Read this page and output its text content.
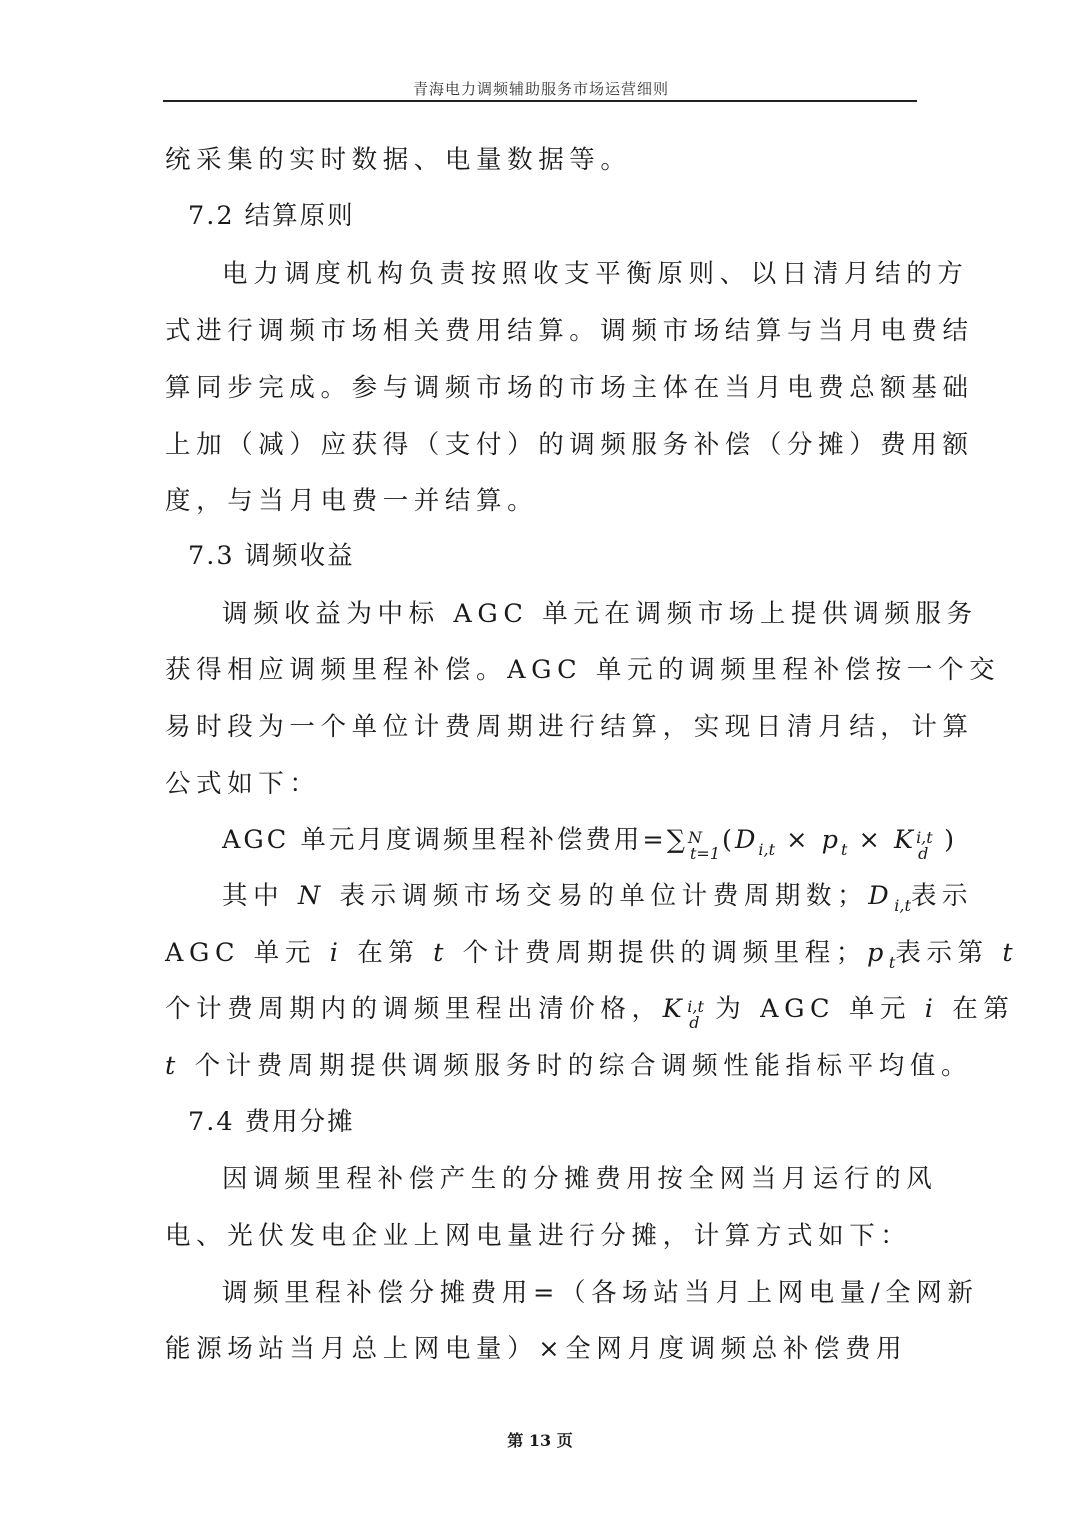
青海电力调频辅助服务市场运营细则
统采集的实时数据、电量数据等。
7.2 结算原则
电力调度机构负责按照收支平衡原则、以日清月结的方
式进行调频市场相关费用结算。调频市场结算与当月电费结
算同步完成。参与调频市场的市场主体在当月电费总额基础
上加（减）应获得（支付）的调频服务补偿（分摊）费用额
度，与当月电费一并结算。
7.3 调频收益
调频收益为中标 AGC 单元在调频市场上提供调频服务
获得相应调频里程补偿。AGC 单元的调频里程补偿按一个交
易时段为一个单位计费周期进行结算，实现日清月结，计算
公式如下：
AGC 单元月度调频里程补偿费用=∑ N
t=1 ($D_{i,t} \times p_t \times K$ i,t
d )
其中 N 表示调频市场交易的单位计费周期数；$D_{i,t}$表示
AGC 单元 i 在第 t 个计费周期提供的调频里程；$p_t$表示第 t
个计费周期内的调频里程出清价格，K i,t
d 为 AGC 单元 i 在第
t 个计费周期提供调频服务时的综合调频性能指标平均值。
7.4 费用分摊
因调频里程补偿产生的分摊费用按全网当月运行的风
电、光伏发电企业上网电量进行分摊，计算方式如下：
调频里程补偿分摊费用=（各场站当月上网电量/全网新
能源场站当月总上网电量）×全网月度调频总补偿费用
第 13 页
